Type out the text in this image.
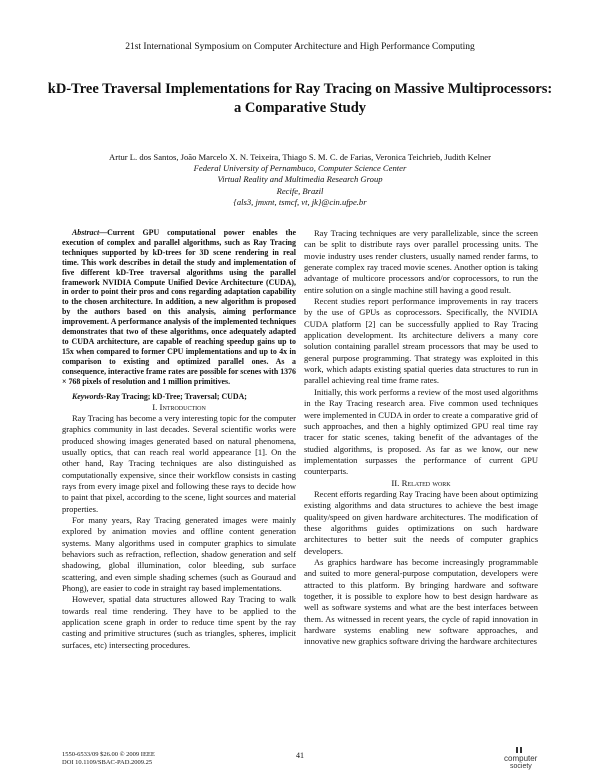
21st International Symposium on Computer Architecture and High Performance Computing
kD-Tree Traversal Implementations for Ray Tracing on Massive Multiprocessors:
a Comparative Study
Artur L. dos Santos, João Marcelo X. N. Teixeira, Thiago S. M. C. de Farias, Veronica Teichrieb, Judith Kelner
Federal University of Pernambuco, Computer Science Center
Virtual Reality and Multimedia Research Group
Recife, Brazil
{als3, jmxnt, tsmcf, vt, jk}@cin.ufpe.br

Abstract—Current GPU computational power enables the execution of complex and parallel algorithms, such as Ray Tracing techniques supported by kD-trees for 3D scene rendering in real time. This work describes in detail the study and implementation of five different kD-Tree traversal algorithms using the parallel framework NVIDIA Compute Unified Device Architecture (CUDA), in order to point their pros and cons regarding adaptation capability to the chosen architecture. In addition, a new algorithm is proposed by the authors based on this analysis, aiming performance improvement. A performance analysis of the implemented techniques demonstrates that two of these algorithms, once adequately adapted to CUDA architecture, are capable of reaching speedup gains up to 15x when compared to former CPU implementations and up to 4x in comparison to existing and optimized parallel ones. As a consequence, interactive frame rates are possible for scenes with 1376 × 768 pixels of resolution and 1 million primitives.

Keywords-Ray Tracing; kD-Tree; Traversal; CUDA;

I. Introduction

Ray Tracing has become a very interesting topic for the computer graphics community in last decades. Several scientific works were produced showing images generated based on natural phenomena, usually optics, that can reach real world appearance [1]. On the other hand, Ray Tracing techniques are also distinguished as computationally expensive, since their workflow consists in casting rays from every image pixel and following these rays to decide how to paint that pixel, according to the scene, light sources and material properties.

For many years, Ray Tracing generated images were mainly explored by animation movies and offline content generation systems. Many algorithms used in computer graphics to simulate behaviors such as refraction, reflection, shadow generation and self shadowing, global illumination, color bleeding, sub surface scattering, and even simple shading schemes (such as Gouraud and Phong), are easier to code in straight ray based implementations.

However, spatial data structures allowed Ray Tracing to walk towards real time rendering. They have to be applied to the application scene graph in order to reduce time spent by the ray casting and primitive structures (such as triangles, spheres, implicit surfaces, etc) intersecting procedures.

Ray Tracing techniques are very parallelizable, since the screen can be split to distribute rays over parallel processing units. The movie industry uses render clusters, usually named render farms, to generate complex ray traced movie scenes. Another option is taking advantage of multicore processors and/or coprocessors, to run the entire solution on a single machine still having a good result.

Recent studies report performance improvements in ray tracers by the use of GPUs as coprocessors. Specifically, the NVIDIA CUDA platform [2] can be successfully applied to Ray Tracing application development. Its architecture delivers a many core solution containing parallel stream processors that may be used to general purpose programming. That strategy was exploited in this work, which adapts existing spatial queries data structures to run in parallel achieving real time frame rates.

Initially, this work performs a review of the most used algorithms in the Ray Tracing research area. Five common used techniques were implemented in CUDA in order to create a comparative grid of such approaches, and then a highly optimized GPU real time ray tracer for static scenes, taking benefit of the advantages of the studied algorithms, is proposed. As far as we know, our new implementation surpasses the performance of current GPU counterparts.

II. Related work

Recent efforts regarding Ray Tracing have been about optimizing existing algorithms and data structures to achieve the best image quality/speed on given hardware architectures. The modification of these algorithms guides optimizations on such hardware architectures to better suit the needs of computer graphics developers.

As graphics hardware has become increasingly programmable and suited to more general-purpose computation, developers were attracted to this platform. By bringing hardware and software together, it is possible to explore how to best design hardware as well as software systems and what are the best interfaces between them. As witnessed in recent years, the cycle of rapid innovation in hardware systems enabling new software approaches, and innovative new graphics software driving the hardware architectures

1550-6533/09 $26.00 © 2009 IEEE
DOI 10.1109/SBAC-PAD.2009.25
41	computer
society
